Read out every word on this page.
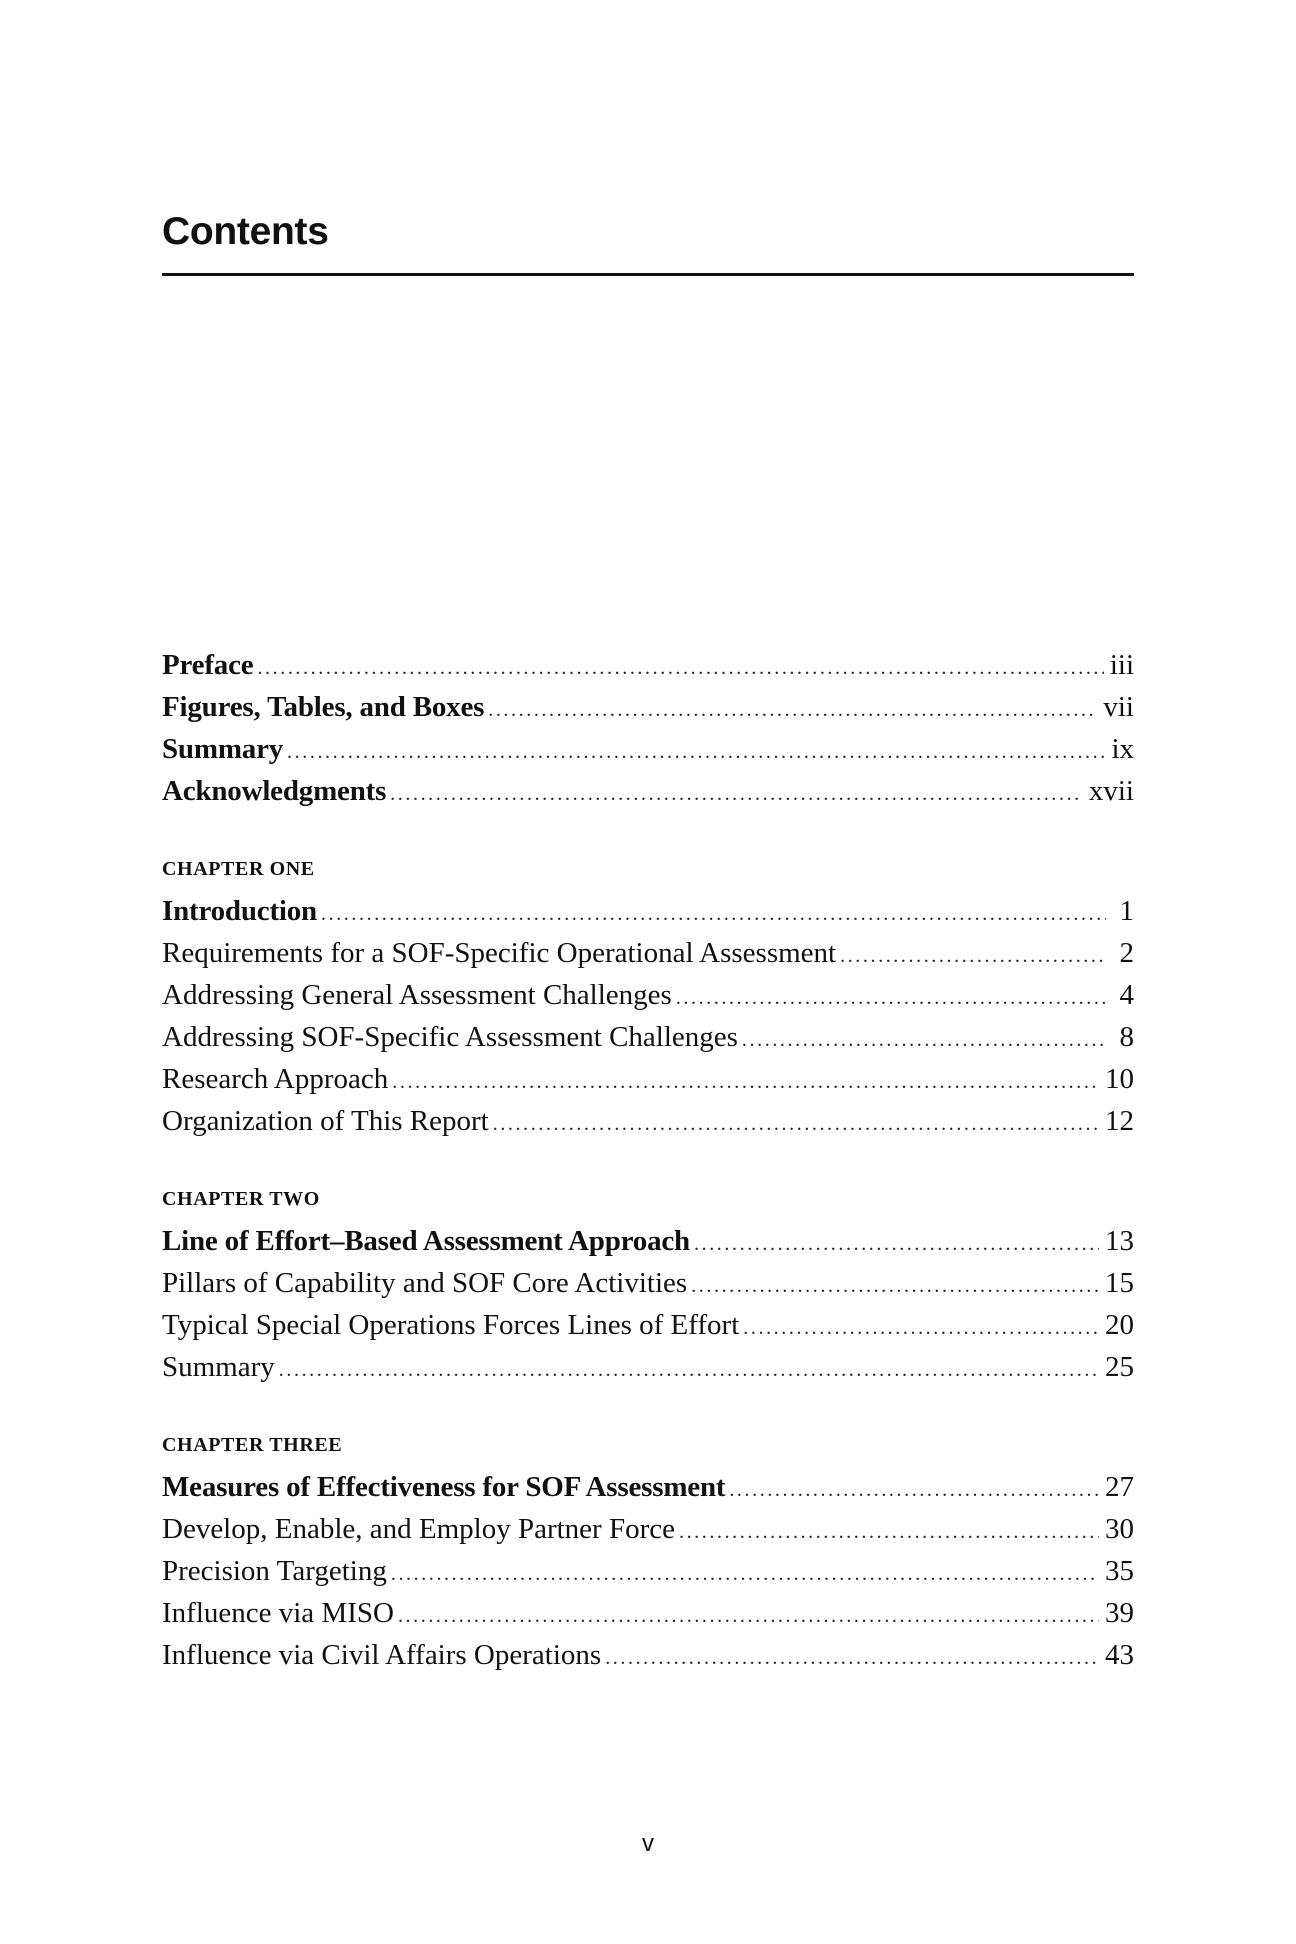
Contents
Preface .....	iii
Figures, Tables, and Boxes .....	vii
Summary .....	ix
Acknowledgments .....	xvii
CHAPTER ONE
Introduction .....	1
Requirements for a SOF-Specific Operational Assessment .....	2
Addressing General Assessment Challenges .....	4
Addressing SOF-Specific Assessment Challenges .....	8
Research Approach .....	10
Organization of This Report .....	12
CHAPTER TWO
Line of Effort–Based Assessment Approach .....	13
Pillars of Capability and SOF Core Activities .....	15
Typical Special Operations Forces Lines of Effort .....	20
Summary .....	25
CHAPTER THREE
Measures of Effectiveness for SOF Assessment .....	27
Develop, Enable, and Employ Partner Force .....	30
Precision Targeting .....	35
Influence via MISO .....	39
Influence via Civil Affairs Operations .....	43
v
